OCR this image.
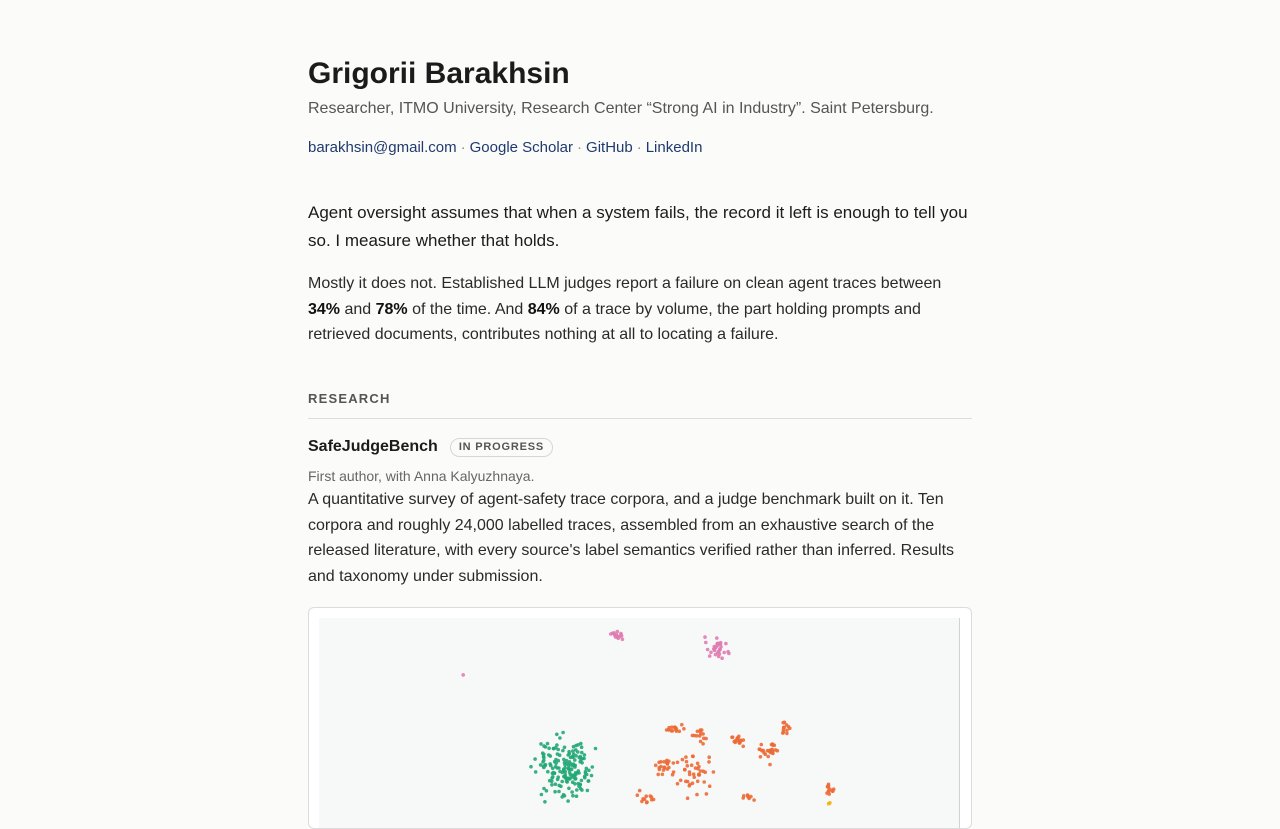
Grigorii Barakhsin
Researcher, ITMO University, Research Center “Strong AI in Industry”. Saint Petersburg.
barakhsin@gmail.com · Google Scholar · GitHub · LinkedIn

Agent oversight assumes that when a system fails, the record it left is enough to tell you so. I measure whether that holds.

Mostly it does not. Established LLM judges report a failure on clean agent traces between 34% and 78% of the time. And 84% of a trace by volume, the part holding prompts and retrieved documents, contributes nothing at all to locating a failure.

RESEARCH
SafeJudgeBench	IN PROGRESS
First author, with Anna Kalyuzhnaya.

A quantitative survey of agent-safety trace corpora, and a judge benchmark built on it. Ten corpora and roughly 24,000 labelled traces, assembled from an exhaustive search of the released literature, with every source's label semantics verified rather than inferred. Results and taxonomy under submission.
